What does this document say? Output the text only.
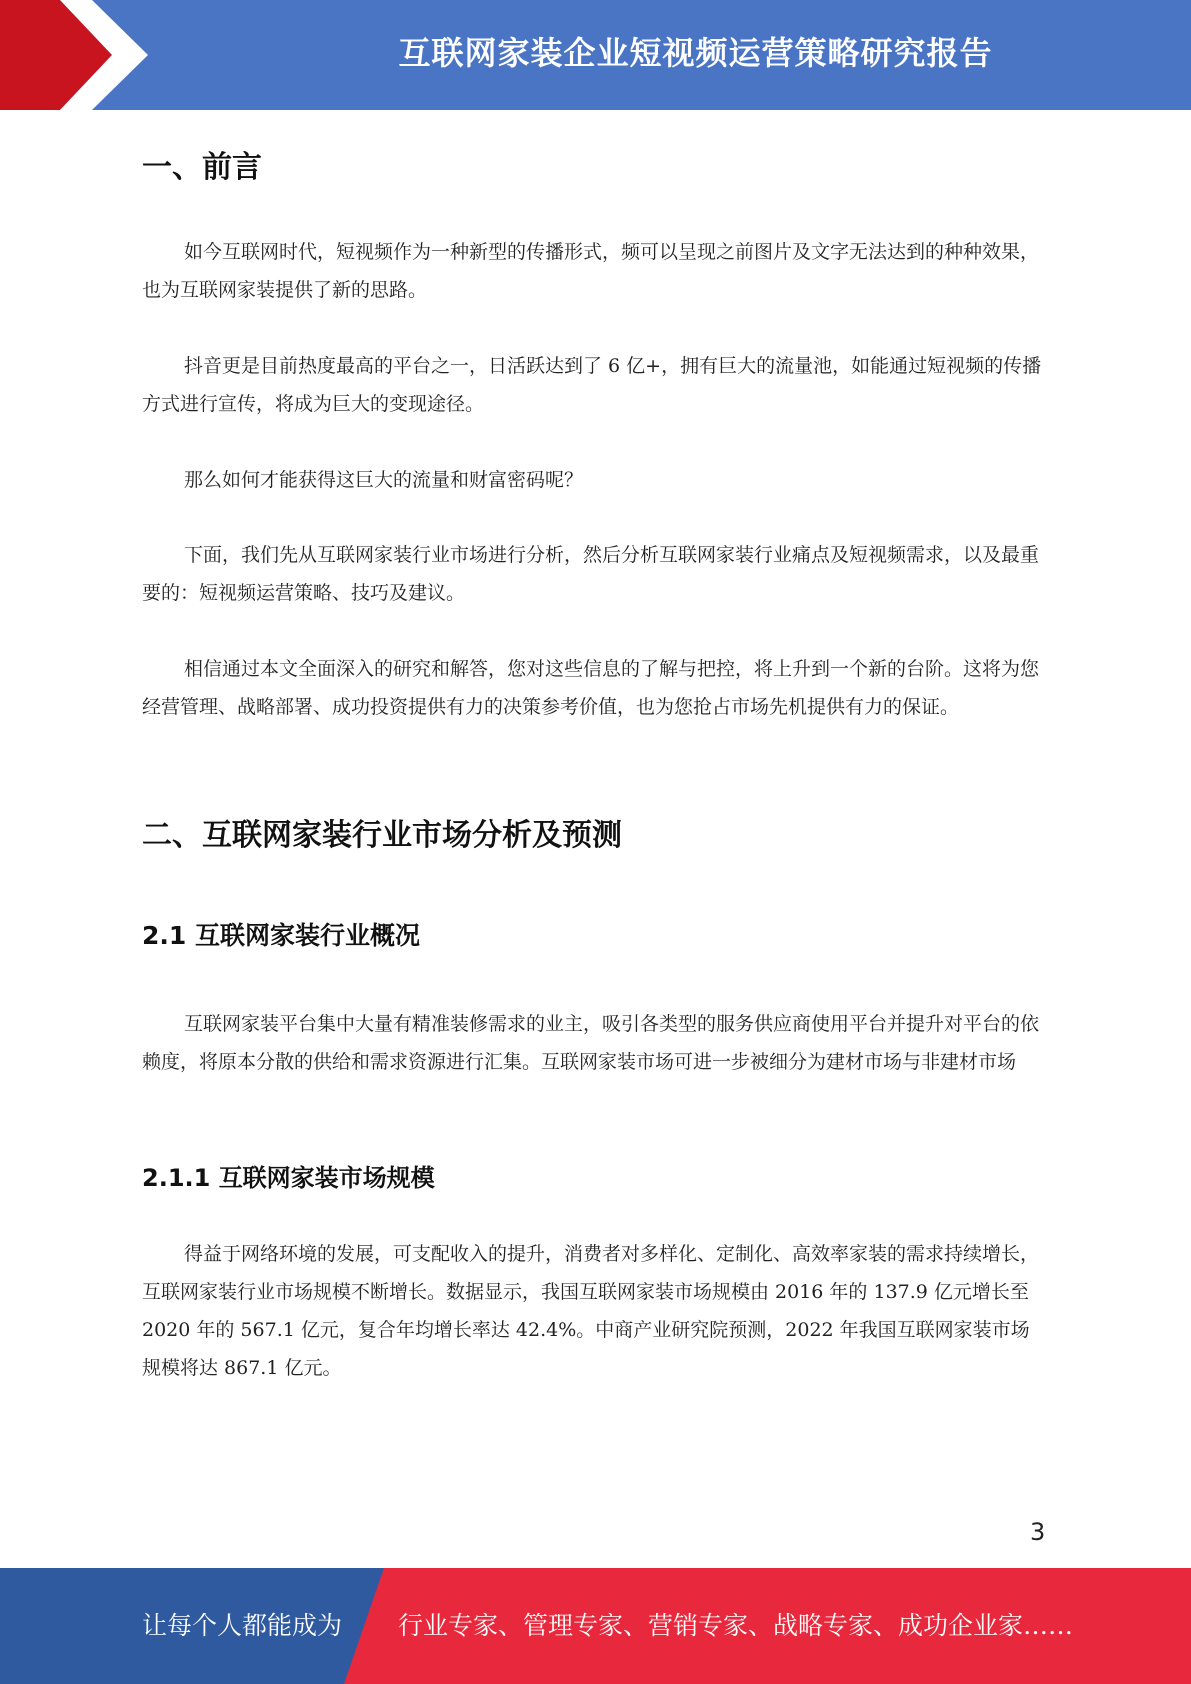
互联网家装企业短视频运营策略研究报告
一、前言

如今互联网时代，短视频作为一种新型的传播形式，频可以呈现之前图片及文字无法达到的种种效果，也为互联网家装提供了新的思路。

抖音更是目前热度最高的平台之一，日活跃达到了 6 亿+，拥有巨大的流量池，如能通过短视频的传播方式进行宣传，将成为巨大的变现途径。

那么如何才能获得这巨大的流量和财富密码呢？

下面，我们先从互联网家装行业市场进行分析，然后分析互联网家装行业痛点及短视频需求，以及最重要的：短视频运营策略、技巧及建议。

相信通过本文全面深入的研究和解答，您对这些信息的了解与把控，将上升到一个新的台阶。这将为您经营管理、战略部署、成功投资提供有力的决策参考价值，也为您抢占市场先机提供有力的保证。

二、互联网家装行业市场分析及预测
2.1 互联网家装行业概况

互联网家装平台集中大量有精准装修需求的业主，吸引各类型的服务供应商使用平台并提升对平台的依赖度，将原本分散的供给和需求资源进行汇集。互联网家装市场可进一步被细分为建材市场与非建材市场

2.1.1 互联网家装市场规模

得益于网络环境的发展，可支配收入的提升，消费者对多样化、定制化、高效率家装的需求持续增长，互联网家装行业市场规模不断增长。数据显示，我国互联网家装市场规模由 2016 年的 137.9 亿元增长至 2020 年的 567.1 亿元，复合年均增长率达 42.4%。中商产业研究院预测，2022 年我国互联网家装市场规模将达 867.1 亿元。

3
让每个人都能成为 行业专家、管理专家、营销专家、战略专家、成功企业家……
